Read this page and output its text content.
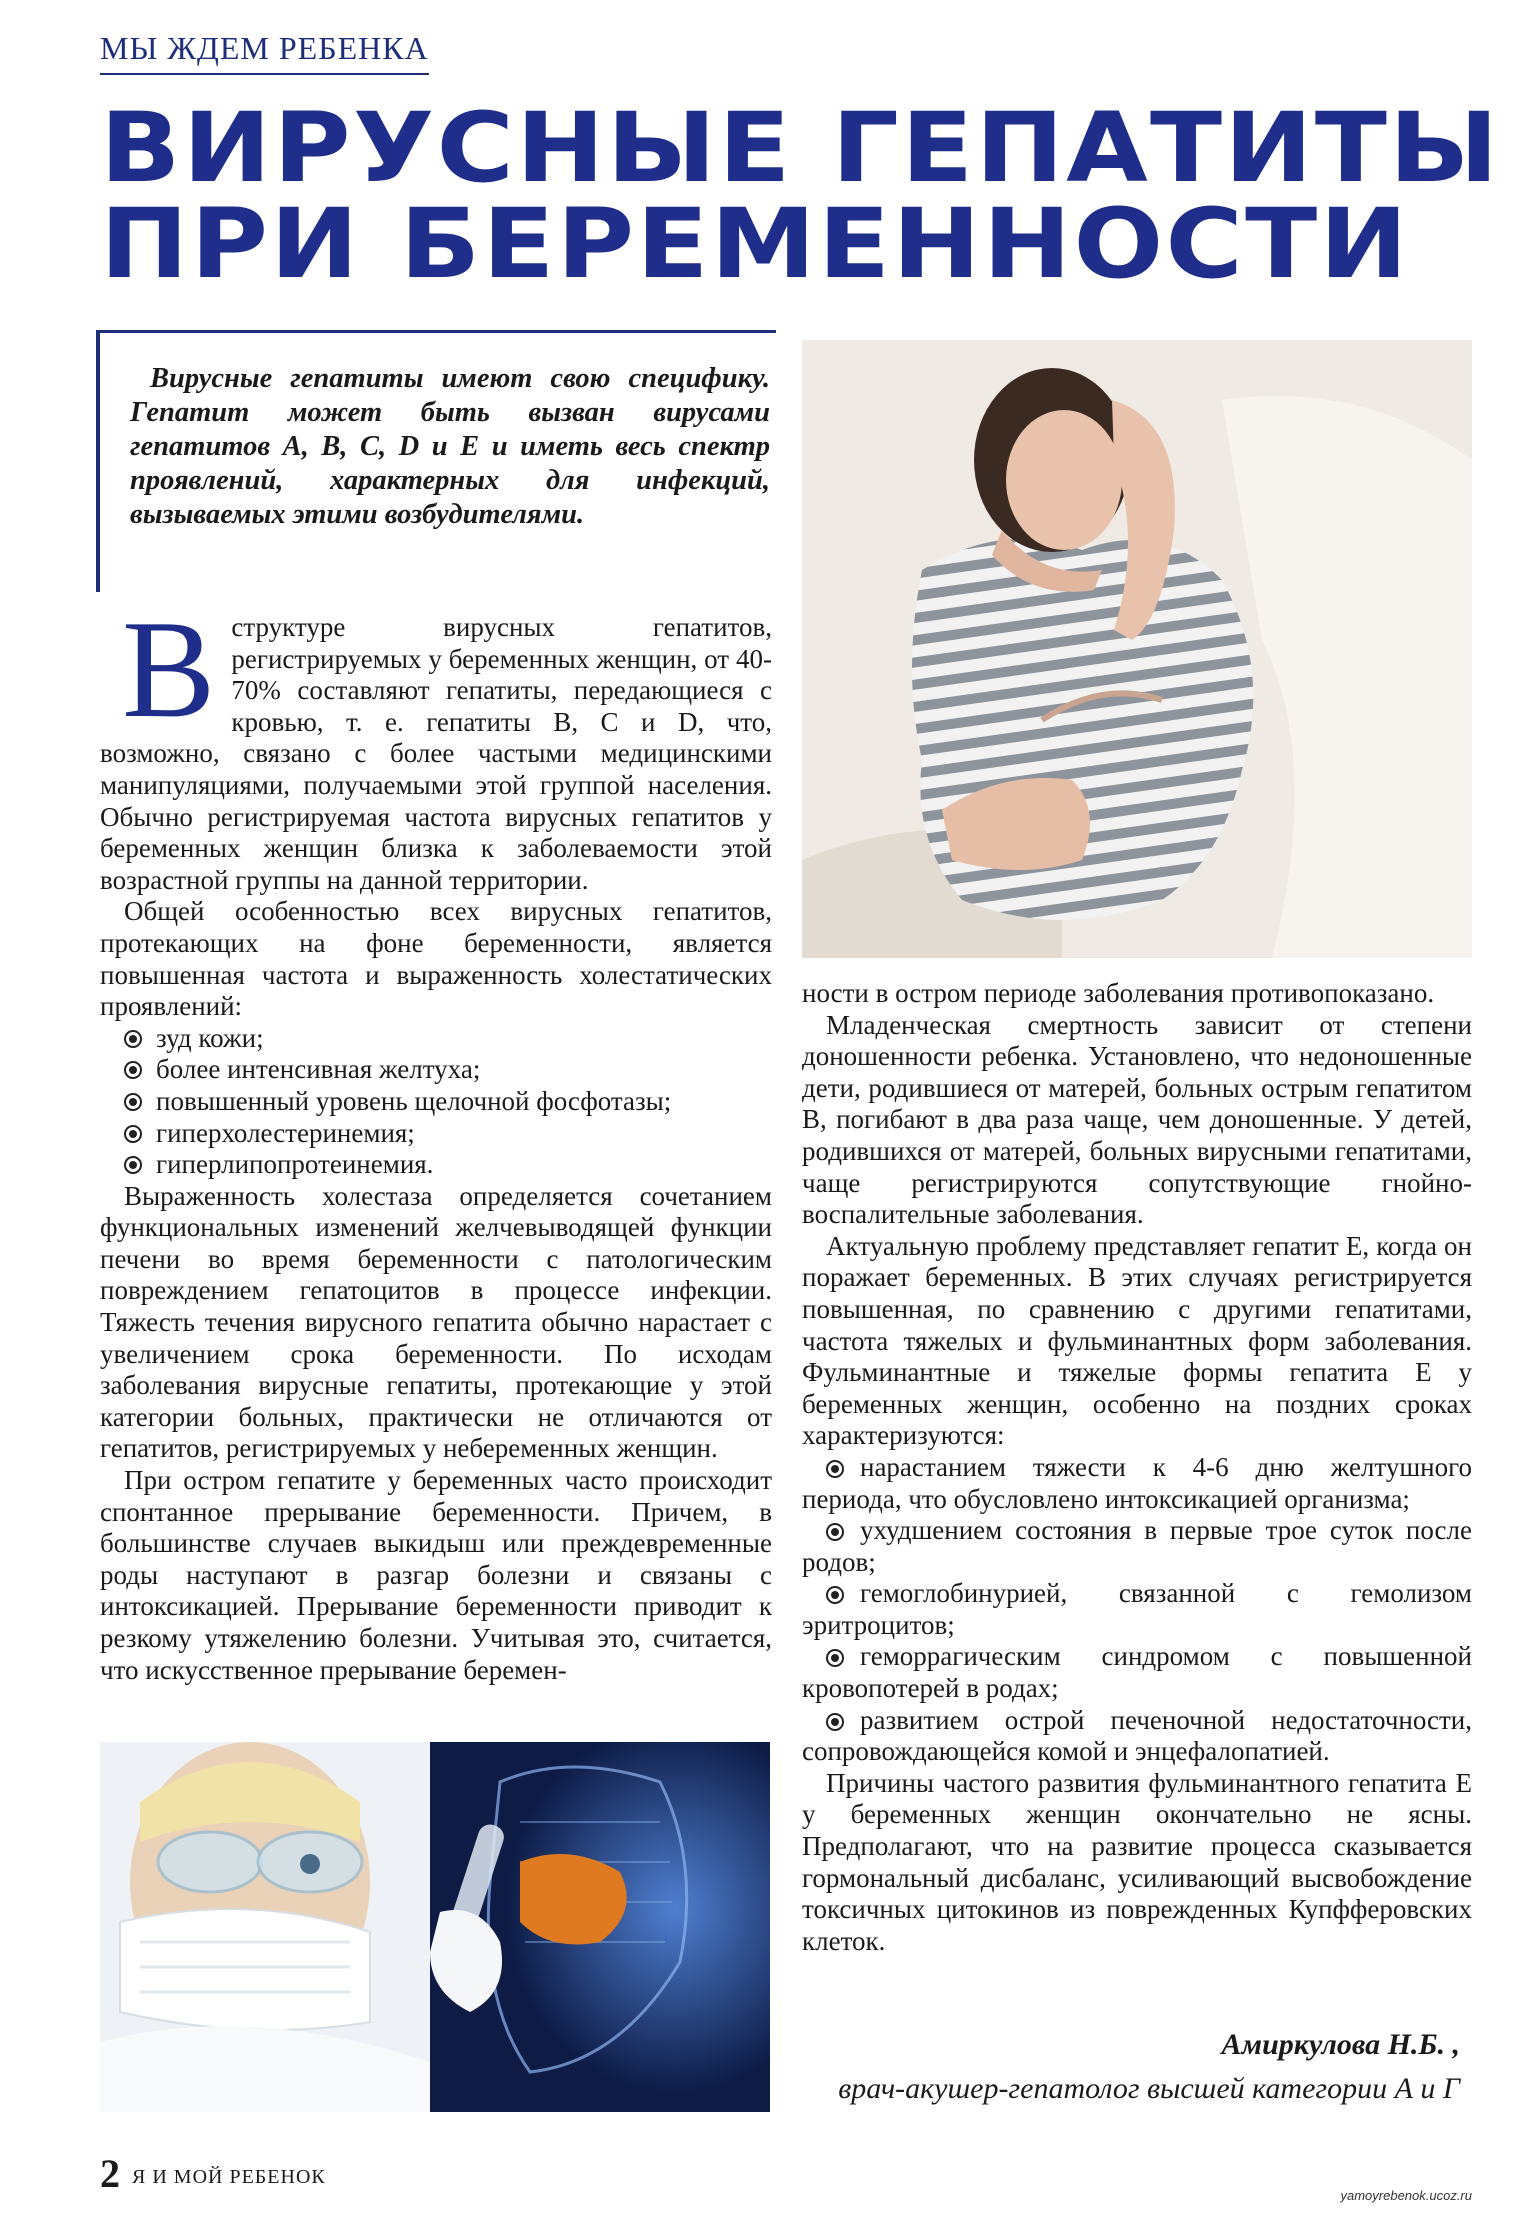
МЫ ЖДЕМ РЕБЕНКА
ВИРУСНЫЕ ГЕПАТИТЫ
ПРИ БЕРЕМЕННОСТИ

Вирусные гепатиты имеют свою специфику. Гепатит может быть вызван вирусами гепатитов A, B, C, D и E и иметь весь спектр проявлений, характерных для инфекций, вызываемых этими возбудителями.

В структуре вирусных гепатитов, регистрируемых у беременных женщин, от 40-70% составляют гепатиты, передающиеся с кровью, т. е. гепатиты В, С и D, что, возможно, связано с более частыми медицинскими манипуляциями, получаемыми этой группой населения. Обычно регистрируемая частота вирусных гепатитов у беременных женщин близка к заболеваемости этой возрастной группы на данной территории.

Общей особенностью всех вирусных гепатитов, протекающих на фоне беременности, является повышенная частота и выраженность холестатических проявлений:

зуд кожи;
более интенсивная желтуха;
повышенный уровень щелочной фосфотазы;
гиперхолестеринемия;
гиперлипопротеинемия.

Выраженность холестаза определяется сочетанием функциональных изменений желчевыводящей функции печени во время беременности с патологическим повреждением гепатоцитов в процессе инфекции. Тяжесть течения вирусного гепатита обычно нарастает с увеличением срока беременности. По исходам заболевания вирусные гепатиты, протекающие у этой категории больных, практически не отличаются от гепатитов, регистрируемых у небеременных женщин.

При остром гепатите у беременных часто происходит спонтанное прерывание беременности. Причем, в большинстве случаев выкидыш или преждевременные роды наступают в разгар болезни и связаны с интоксикацией. Прерывание беременности приводит к резкому утяжелению болезни. Учитывая это, считается, что искусственное прерывание беремен-

ности в остром периоде заболевания противопоказано.

Младенческая смертность зависит от степени доношенности ребенка. Установлено, что недоношенные дети, родившиеся от матерей, больных острым гепатитом В, погибают в два раза чаще, чем доношенные. У детей, родившихся от матерей, больных вирусными гепатитами, чаще регистрируются сопутствующие гнойно-воспалительные заболевания.

Актуальную проблему представляет гепатит Е, когда он поражает беременных. В этих случаях регистрируется повышенная, по сравнению с другими гепатитами, частота тяжелых и фульминантных форм заболевания. Фульминантные и тяжелые формы гепатита Е у беременных женщин, особенно на поздних сроках характеризуются:

нарастанием тяжести к 4-6 дню желтушного периода, что обусловлено интоксикацией организма;
ухудшением состояния в первые трое суток после родов;
гемоглобинурией, связанной с гемолизом эритроцитов;
геморрагическим синдромом с повышенной кровопотерей в родах;
развитием острой печеночной недостаточности, сопровождающейся комой и энцефалопатией.

Причины частого развития фульминантного гепатита Е у беременных женщин окончательно не ясны. Предполагают, что на развитие процесса сказывается гормональный дисбаланс, усиливающий высвобождение токсичных цитокинов из поврежденных Купфферовских клеток.

Амиркулова Н.Б. ,
врач-акушер-гепатолог высшей категории А и Г
2 Я И МОЙ РЕБЕНОК
yamoyrebenok.ucoz.ru
